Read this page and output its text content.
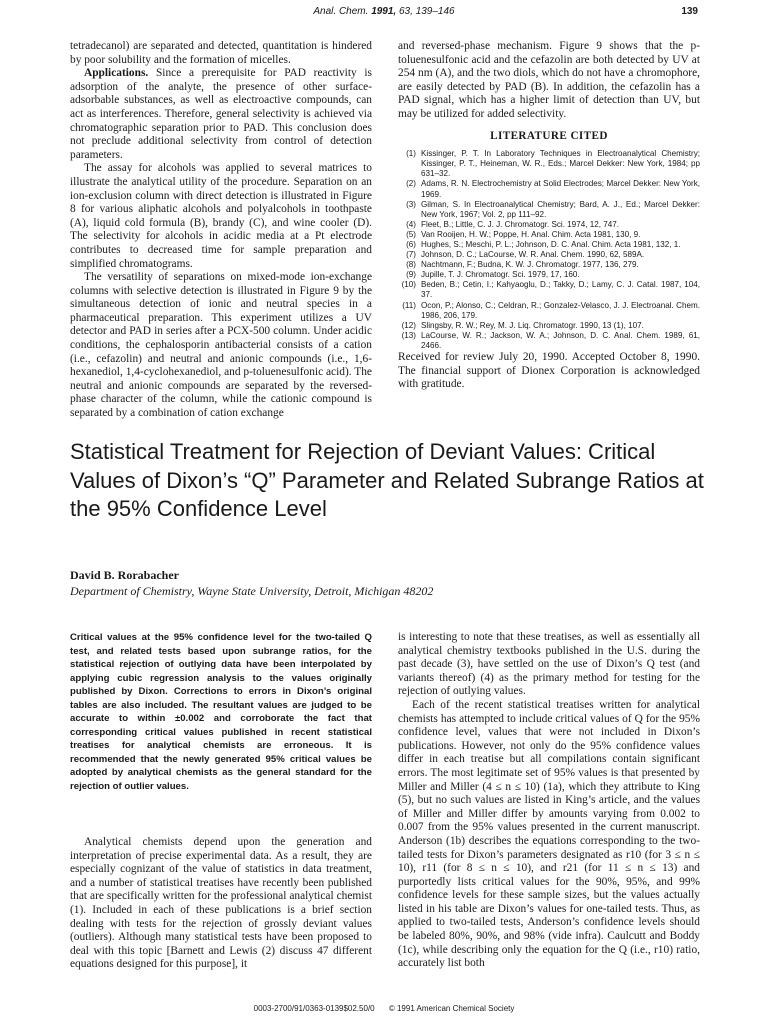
Anal. Chem. 1991, 63, 139–146	139

tetradecanol) are separated and detected, quantitation is hindered by poor solubility and the formation of micelles.

Applications. Since a prerequisite for PAD reactivity is adsorption of the analyte, the presence of other surface-adsorbable substances, as well as electroactive compounds, can act as interferences. Therefore, general selectivity is achieved via chromatographic separation prior to PAD. This conclusion does not preclude additional selectivity from control of detection parameters.

The assay for alcohols was applied to several matrices to illustrate the analytical utility of the procedure. Separation on an ion-exclusion column with direct detection is illustrated in Figure 8 for various aliphatic alcohols and polyalcohols in toothpaste (A), liquid cold formula (B), brandy (C), and wine cooler (D). The selectivity for alcohols in acidic media at a Pt electrode contributes to decreased time for sample preparation and simplified chromatograms.

The versatility of separations on mixed-mode ion-exchange columns with selective detection is illustrated in Figure 9 by the simultaneous detection of ionic and neutral species in a pharmaceutical preparation. This experiment utilizes a UV detector and PAD in series after a PCX-500 column. Under acidic conditions, the cephalosporin antibacterial consists of a cation (i.e., cefazolin) and neutral and anionic compounds (i.e., 1,6-hexanediol, 1,4-cyclohexanediol, and p-toluenesulfonic acid). The neutral and anionic compounds are separated by the reversed-phase character of the column, while the cationic compound is separated by a combination of cation exchange

and reversed-phase mechanism. Figure 9 shows that the p-toluenesulfonic acid and the cefazolin are both detected by UV at 254 nm (A), and the two diols, which do not have a chromophore, are easily detected by PAD (B). In addition, the cefazolin has a PAD signal, which has a higher limit of detection than UV, but may be utilized for added selectivity.

LITERATURE CITED
(1) Kissinger, P. T. In Laboratory Techniques in Electroanalytical Chemistry; Kissinger, P. T., Heineman, W. R., Eds.; Marcel Dekker: New York, 1984; pp 631–32.
(2) Adams, R. N. Electrochemistry at Solid Electrodes; Marcel Dekker: New York, 1969.
(3) Gilman, S. In Electroanalytical Chemistry; Bard, A. J., Ed.; Marcel Dekker: New York, 1967; Vol. 2, pp 111–92.
(4) Fleet, B.; Little, C. J. J. Chromatogr. Sci. 1974, 12, 747.
(5) Van Rooijen, H. W.; Poppe, H. Anal. Chim. Acta 1981, 130, 9.
(6) Hughes, S.; Meschi, P. L.; Johnson, D. C. Anal. Chim. Acta 1981, 132, 1.
(7) Johnson, D. C.; LaCourse, W. R. Anal. Chem. 1990, 62, 589A.
(8) Nachtmann, F.; Budna, K. W. J. Chromatogr. 1977, 136, 279.
(9) Jupille, T. J. Chromatogr. Sci. 1979, 17, 160.
(10) Beden, B.; Cetin, I.; Kahyaoglu, D.; Takky, D.; Lamy, C. J. Catal. 1987, 104, 37.
(11) Ocon, P.; Alonso, C.; Celdran, R.; Gonzalez-Velasco, J. J. Electroanal. Chem. 1986, 206, 179.
(12) Slingsby, R. W.; Rey, M. J. Liq. Chromatogr. 1990, 13 (1), 107.
(13) LaCourse, W. R.; Jackson, W. A.; Johnson, D. C. Anal. Chem. 1989, 61, 2466.

Received for review July 20, 1990. Accepted October 8, 1990. The financial support of Dionex Corporation is acknowledged with gratitude.

Statistical Treatment for Rejection of Deviant Values: Critical Values of Dixon’s “Q” Parameter and Related Subrange Ratios at the 95% Confidence Level
David B. Rorabacher
Department of Chemistry, Wayne State University, Detroit, Michigan 48202

Critical values at the 95% confidence level for the two-tailed Q test, and related tests based upon subrange ratios, for the statistical rejection of outlying data have been interpolated by applying cubic regression analysis to the values originally published by Dixon. Corrections to errors in Dixon’s original tables are also included. The resultant values are judged to be accurate to within ±0.002 and corroborate the fact that corresponding critical values published in recent statistical treatises for analytical chemists are erroneous. It is recommended that the newly generated 95% critical values be adopted by analytical chemists as the general standard for the rejection of outlier values.

Analytical chemists depend upon the generation and interpretation of precise experimental data. As a result, they are especially cognizant of the value of statistics in data treatment, and a number of statistical treatises have recently been published that are specifically written for the professional analytical chemist (1). Included in each of these publications is a brief section dealing with tests for the rejection of grossly deviant values (outliers). Although many statistical tests have been proposed to deal with this topic [Barnett and Lewis (2) discuss 47 different equations designed for this purpose], it

is interesting to note that these treatises, as well as essentially all analytical chemistry textbooks published in the U.S. during the past decade (3), have settled on the use of Dixon’s Q test (and variants thereof) (4) as the primary method for testing for the rejection of outlying values.

Each of the recent statistical treatises written for analytical chemists has attempted to include critical values of Q for the 95% confidence level, values that were not included in Dixon’s publications. However, not only do the 95% confidence values differ in each treatise but all compilations contain significant errors. The most legitimate set of 95% values is that presented by Miller and Miller (4 ≤ n ≤ 10) (1a), which they attribute to King (5), but no such values are listed in King’s article, and the values of Miller and Miller differ by amounts varying from 0.002 to 0.007 from the 95% values presented in the current manuscript. Anderson (1b) describes the equations corresponding to the two-tailed tests for Dixon’s parameters designated as r10 (for 3 ≤ n ≤ 10), r11 (for 8 ≤ n ≤ 10), and r21 (for 11 ≤ n ≤ 13) and purportedly lists critical values for the 90%, 95%, and 99% confidence levels for these sample sizes, but the values actually listed in his table are Dixon’s values for one-tailed tests. Thus, as applied to two-tailed tests, Anderson’s confidence levels should be labeled 80%, 90%, and 98% (vide infra). Caulcutt and Boddy (1c), while describing only the equation for the Q (i.e., r10) ratio, accurately list both

0003-2700/91/0363-0139$02.50/0 © 1991 American Chemical Society
